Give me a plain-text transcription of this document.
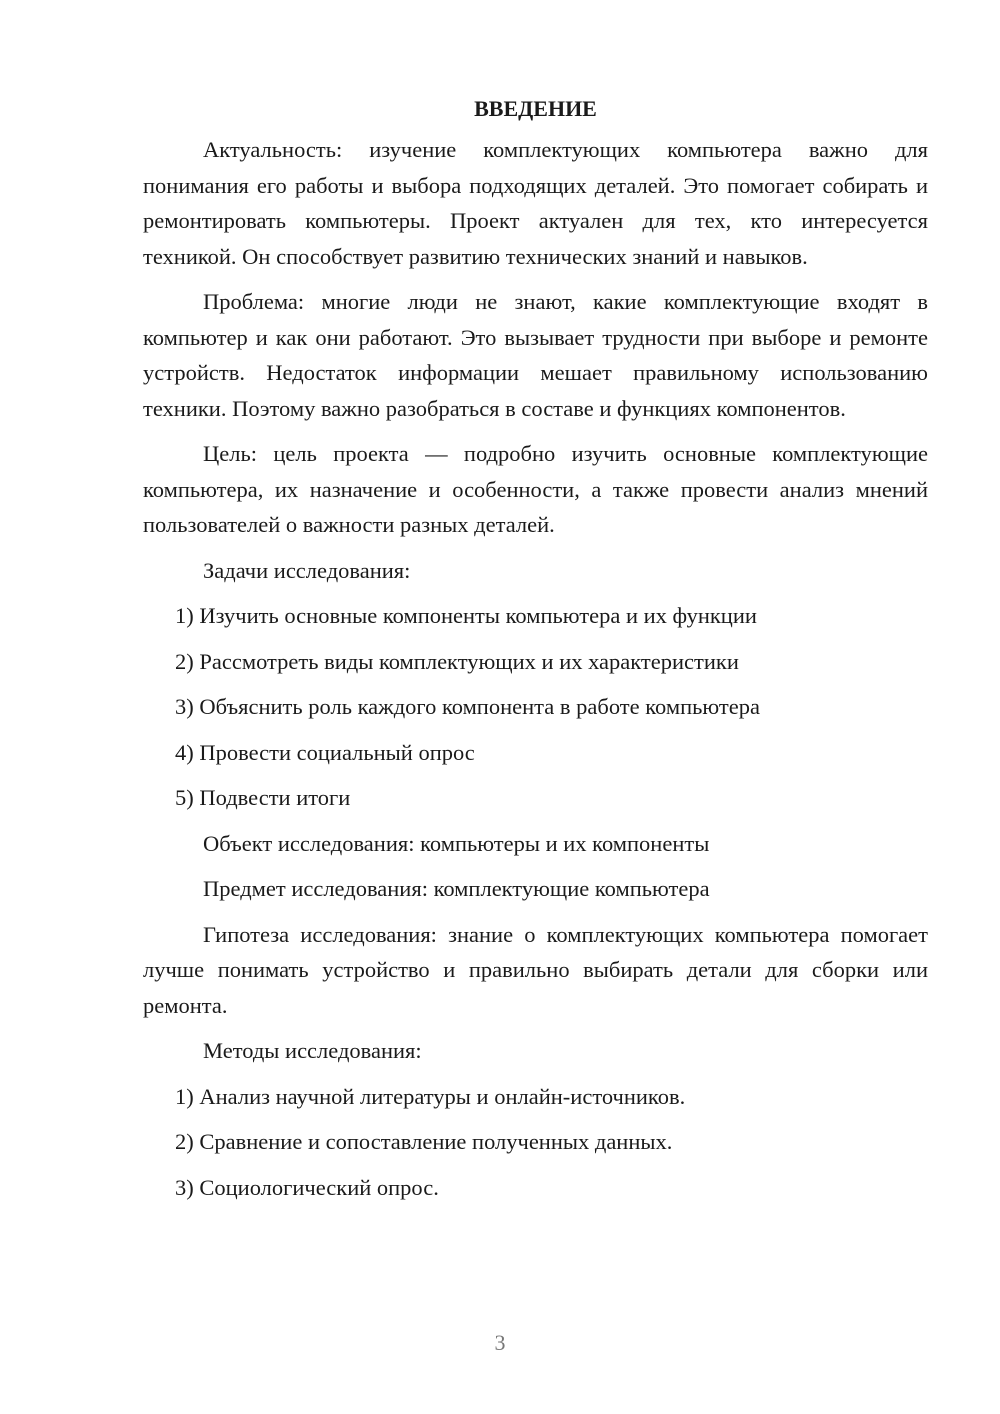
ВВЕДЕНИЕ

Актуальность: изучение комплектующих компьютера важно для понимания его работы и выбора подходящих деталей. Это помогает собирать и ремонтировать компьютеры. Проект актуален для тех, кто интересуется техникой. Он способствует развитию технических знаний и навыков.

Проблема: многие люди не знают, какие комплектующие входят в компьютер и как они работают. Это вызывает трудности при выборе и ремонте устройств. Недостаток информации мешает правильному использованию техники. Поэтому важно разобраться в составе и функциях компонентов.

Цель: цель проекта — подробно изучить основные комплектующие компьютера, их назначение и особенности, а также провести анализ мнений пользователей о важности разных деталей.

Задачи исследования:
1) Изучить основные компоненты компьютера и их функции
2) Рассмотреть виды комплектующих и их характеристики
3) Объяснить роль каждого компонента в работе компьютера
4) Провести социальный опрос
5) Подвести итоги
Объект исследования: компьютеры и их компоненты
Предмет исследования: комплектующие компьютера

Гипотеза исследования: знание о комплектующих компьютера помогает лучше понимать устройство и правильно выбирать детали для сборки или ремонта.

Методы исследования:
1) Анализ научной литературы и онлайн-источников.
2) Сравнение и сопоставление полученных данных.
3) Социологический опрос.
3
